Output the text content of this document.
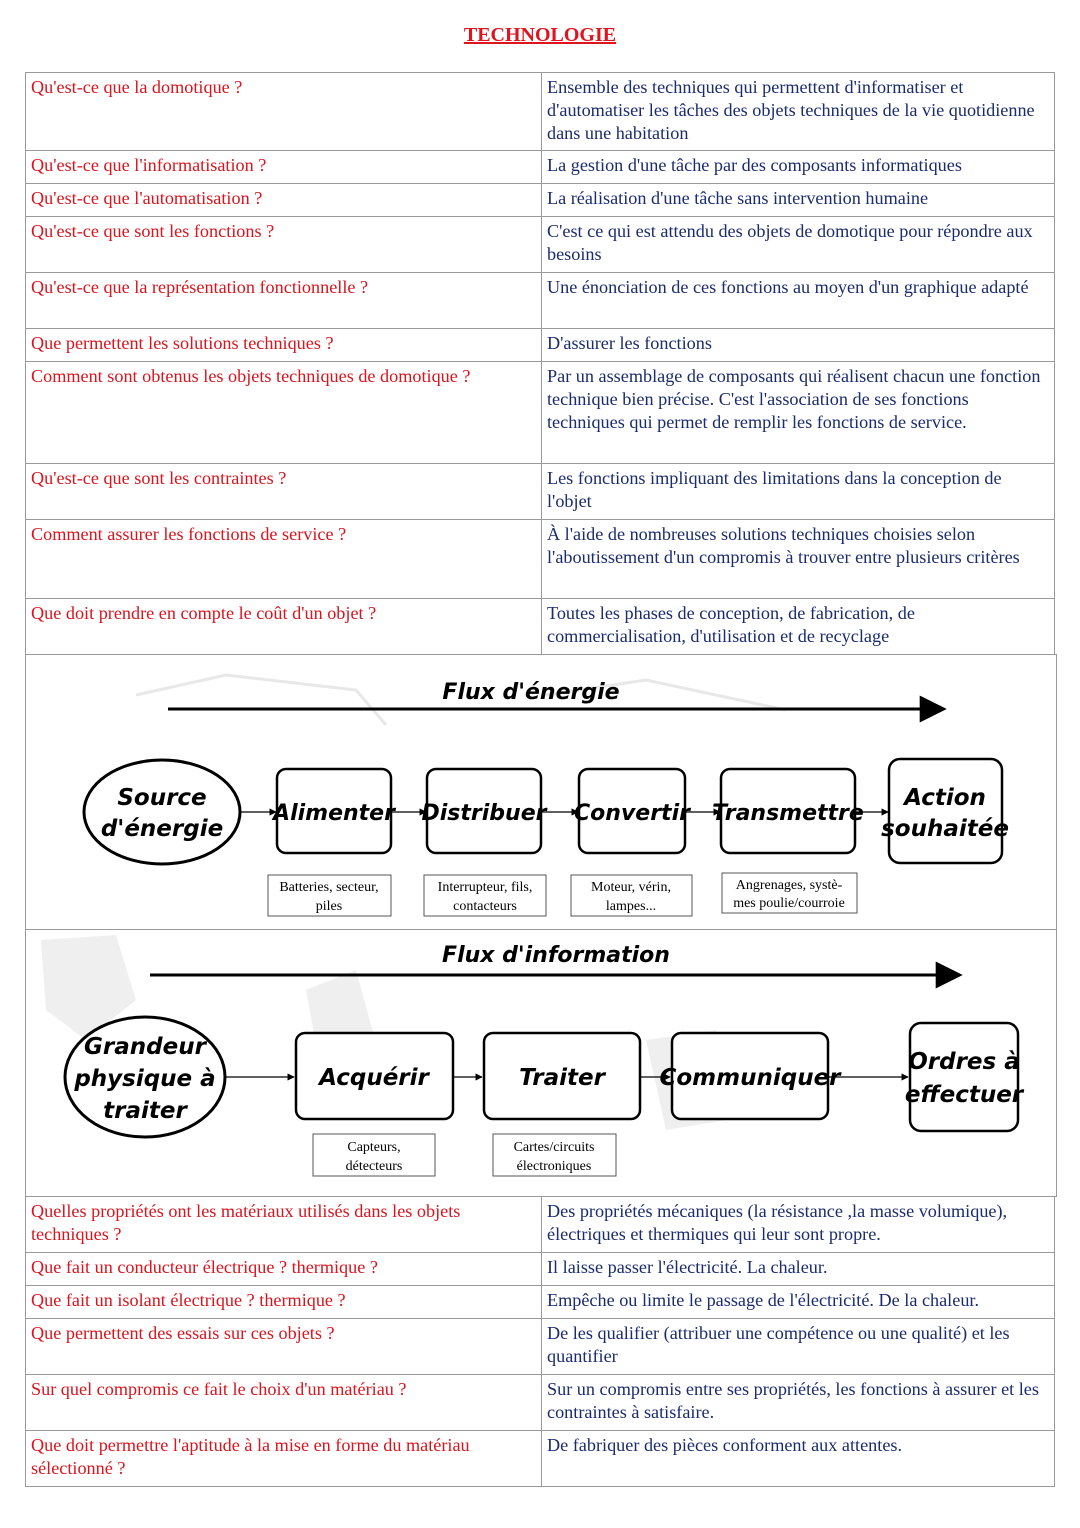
TECHNOLOGIE
Qu'est-ce que la domotique ?	Ensemble des techniques qui permettent d'informatiser et d'automatiser les tâches des objets techniques de la vie quotidienne dans une habitation
Qu'est-ce que l'informatisation ?	La gestion d'une tâche par des composants informatiques
Qu'est-ce que l'automatisation ?	La réalisation d'une tâche sans intervention humaine
Qu'est-ce que sont les fonctions ?	C'est ce qui est attendu des objets de domotique pour répondre aux besoins
Qu'est-ce que la représentation fonctionnelle ?	Une énonciation de ces fonctions au moyen d'un graphique adapté
Que permettent les solutions techniques ?	D'assurer les fonctions
Comment sont obtenus les objets techniques de domotique ?	Par un assemblage de composants qui réalisent chacun une fonction technique bien précise. C'est l'association de ses fonctions techniques qui permet de remplir les fonctions de service.
Qu'est-ce que sont les contraintes ?	Les fonctions impliquant des limitations dans la conception de l'objet
Comment assurer les fonctions de service ?	À l'aide de nombreuses solutions techniques choisies selon l'aboutissement d'un compromis à trouver entre plusieurs critères
Que doit prendre en compte le coût d'un objet ?	Toutes les phases de conception, de fabrication, de commercialisation, d'utilisation et de recyclage
Flux d'énergie
Source
d'énergie
Alimenter Distribuer Convertir Transmettre
Action
souhaitée
Batteries, secteur,
piles
Interrupteur, fils,
contacteurs
Moteur, vérin,
lampes...
Angrenages, systè-
mes poulie/courroie
Flux d'information
Grandeur
physique à
traiter
Acquérir	Traiter Communiquer
Ordres à
effectuer
Capteurs,
détecteurs
Cartes/circuits
électroniques
Quelles propriétés ont les matériaux utilisés dans les objets techniques ?	Des propriétés mécaniques (la résistance ,la masse volumique), électriques et thermiques qui leur sont propre.
Que fait un conducteur électrique ? thermique ?	Il laisse passer l'électricité. La chaleur.
Que fait un isolant électrique ? thermique ?	Empêche ou limite le passage de l'électricité. De la chaleur.
Que permettent des essais sur ces objets ?	De les qualifier (attribuer une compétence ou une qualité) et les quantifier
Sur quel compromis ce fait le choix d'un matériau ?	Sur un compromis entre ses propriétés, les fonctions à assurer et les contraintes à satisfaire.
Que doit permettre l'aptitude à la mise en forme du matériau sélectionné ?	De fabriquer des pièces conforment aux attentes.
